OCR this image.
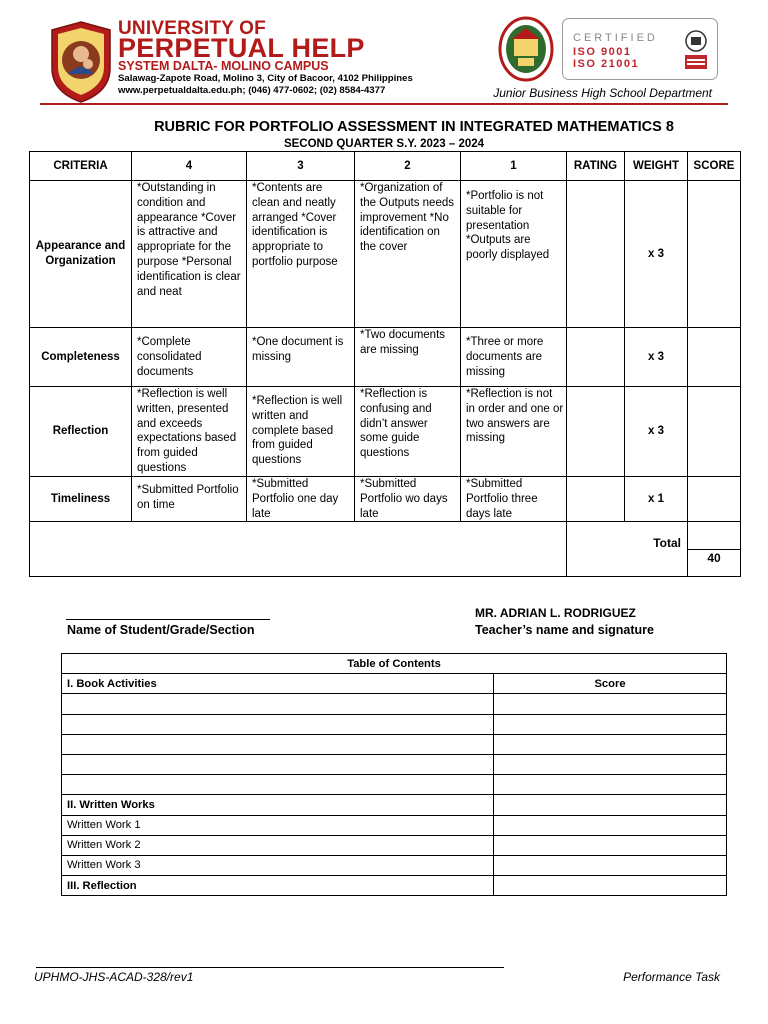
UNIVERSITY OF
PERPETUAL HELP
SYSTEM DALTA- MOLINO CAMPUS
Salawag-Zapote Road, Molino 3, City of Bacoor, 4102 Philippines
www.perpetualdalta.edu.ph; (046) 477-0602; (02) 8584-4377
CERTIFIED
ISO 9001
ISO 21001
Junior Business High School Department
RUBRIC FOR PORTFOLIO ASSESSMENT IN INTEGRATED MATHEMATICS 8
SECOND QUARTER S.Y. 2023 – 2024
CRITERIA	4	3	2	1	RATING	WEIGHT	SCORE
Appearance and Organization	*Outstanding in condition and appearance *Cover is attractive and appropriate for the purpose *Personal identification is clear and neat	*Contents are clean and neatly arranged *Cover identification is appropriate to portfolio purpose	*Organization of the Outputs needs improvement *No identification on the cover	*Portfolio is not suitable for presentation *Outputs are poorly displayed		x 3	
Completeness	*Complete consolidated documents	*One document is missing	*Two documents are missing	*Three or more documents are missing		x 3	
Reflection	*Reflection is well written, presented and exceeds expectations based from guided questions	*Reflection is well written and complete based from guided questions	*Reflection is confusing and didn’t answer some guide questions	*Reflection is not in order and one or two answers are missing		x 3	
Timeliness	*Submitted Portfolio on time	*Submitted Portfolio one day late	*Submitted Portfolio wo days late	*Submitted Portfolio three days late		x 1	

					Total		40
Name of Student/Grade/Section
MR. ADRIAN L. RODRIGUEZ
Teacher’s name and signature
Table of Contents	
I. Book Activities	Score

II. Written Works	
Written Work 1	
Written Work 2	
Written Work 3	
III. Reflection	
UPHMO-JHS-ACAD-328/rev1	Performance Task
